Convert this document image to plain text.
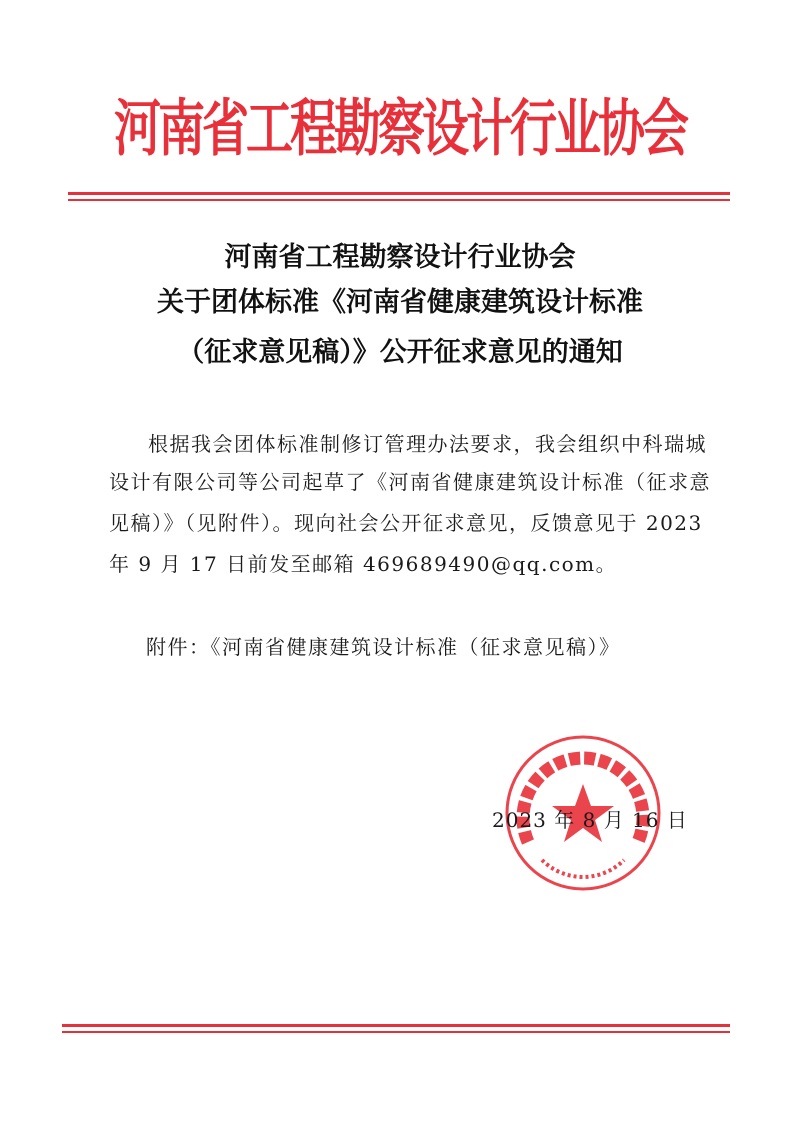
河南省工程勘察设计行业协会
河南省工程勘察设计行业协会
关于团体标准《河南省健康建筑设计标准
（征求意见稿）》公开征求意见的通知
根据我会团体标准制修订管理办法要求，我会组织中科瑞城
设计有限公司等公司起草了《河南省健康建筑设计标准（征求意
见稿）》（见附件）。现向社会公开征求意见，反馈意见于 2023
年 9 月 17 日前发至邮箱 469689490@qq.com。
附件：《河南省健康建筑设计标准（征求意见稿）》
2023 年 8 月 16 日
